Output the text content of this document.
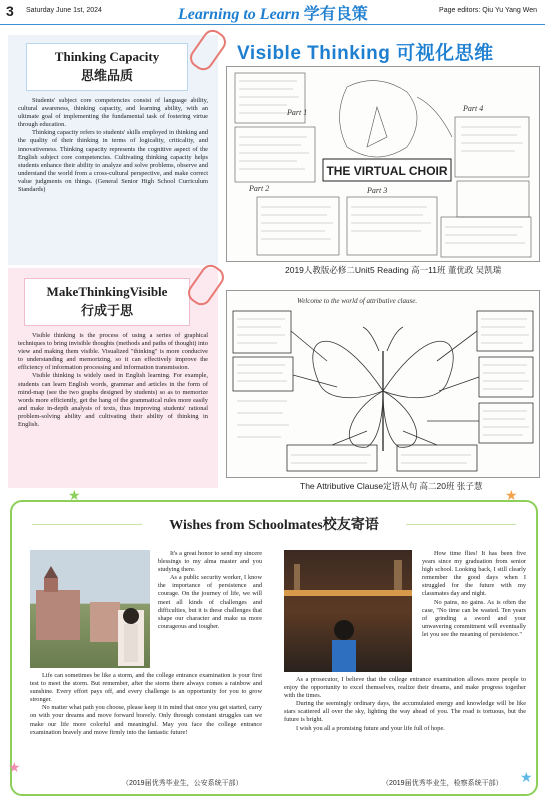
3 Saturday June 1st, 2024	Learning to Learn 学有良策	Page editors: Qiu Yu Yang Wen
Thinking Capacity
思维品质

Students' subject core competencies consist of language ability, cultural awareness, thinking capacity, and learning ability, with an ultimate goal of implementing the fundamental task of fostering virtue through education.

Thinking capacity refers to students' skills employed in thinking and the quality of their thinking in terms of logicality, criticality, and innovativeness. Thinking capacity represents the cognitive aspect of the English subject core competencies. Cultivating thinking capacity helps students enhance their ability to analyze and solve problems, observe and understand the world from a cross-cultural perspective, and make correct value judgments on things. (General Senior High School Curriculum Standards)

Visible Thinking 可视化思维
THE VIRTUAL CHOIR
Part 1
Part 2	Part 3
Part 4
2019人教版必修二Unit5 Reading 高一11班 董优政 吴凯瑞
MakeThinkingVisible
行成于思

Visible thinking is the process of using a series of graphical techniques to bring invisible thoughts (methods and paths of thought) into view and making them visible. Visualized "thinking" is more conducive to understanding and memorizing, so it can effectively improve the efficiency of information processing and information transmission.

Visible thinking is widely used in English learning. For example, students can learn English words, grammar and articles in the form of mind-map (see the two graphs designed by students) so as to memorize words more efficiently, get the hang of the grammatical rules more easily and make in-depth analysis of texts, thus improving students' rational problem-solving ability and cultivating their ability of thinking in English.

Welcome to the world of attributive clause.
The Attributive Clause定语从句 高二20班 张子慧
Wishes from Schoolmates校友寄语

It's a great honor to send my sincere blessings to my alma master and you studying there.

As a public security worker, I know the importance of persistence and courage. On the journey of life, we will meet all kinds of challenges and difficulties, but it is these challenges that shape our character and make us more courageous and tougher.

Life can sometimes be like a storm, and the college entrance examination is your first test to meet the storm. But remember, after the storm there always comes a rainbow and sunshine. Every effort pays off, and every challenge is an opportunity for you to grow stronger.

No matter what path you choose, please keep it in mind that once you get started, carry on with your dreams and move forward bravely. Only through constant struggles can we make our life more colorful and meaningful. May you face the college entrance examination bravely and move firmly into the fantastic future!

（2019届优秀毕业生，公安系统干部）

How time flies! It has been five years since my graduation from senior high school. Looking back, I still clearly remember the good days when I struggled for the future with my classmates day and night.

No pains, no gains. As is often the case, "No time can be wasted. Ten years of grinding a sword and your unwavering commitment will eventually let you see the meaning of persistence."

As a prosecutor, I believe that the college entrance examination allows more people to enjoy the opportunity to excel themselves, realize their dreams, and make progress together with the times.

During the seemingly ordinary days, the accumulated energy and knowledge will be like stars scattered all over the sky, lighting the way ahead of you. The road is tortuous, but the future is bright.

I wish you all a promising future and your life full of hope.

（2019届优秀毕业生，检察系统干部）
★	★
★
★
